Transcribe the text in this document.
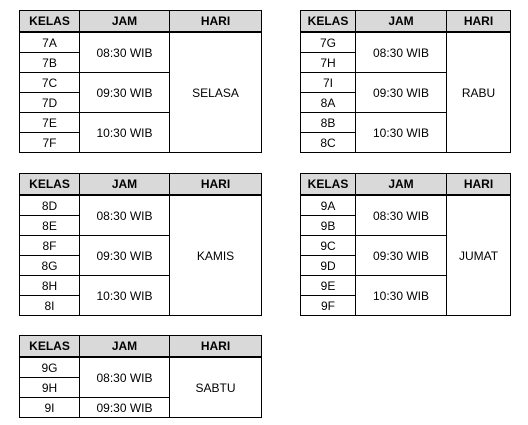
KELAS	JAM	HARI
7A	08:30 WIB	SELASA
7B		
7C	09:30 WIB	
7D		
7E	10:30 WIB	
7F		
KELAS	JAM	HARI
7G	08:30 WIB	RABU
7H		
7I	09:30 WIB	
8A		
8B	10:30 WIB	
8C		
KELAS	JAM	HARI
8D	08:30 WIB	KAMIS
8E		
8F	09:30 WIB	
8G		
8H	10:30 WIB	
8I		
KELAS	JAM	HARI
9A	08:30 WIB	JUMAT
9B		
9C	09:30 WIB	
9D		
9E	10:30 WIB	
9F		
KELAS	JAM	HARI
9G	08:30 WIB	SABTU
9H		
9I	09:30 WIB	
